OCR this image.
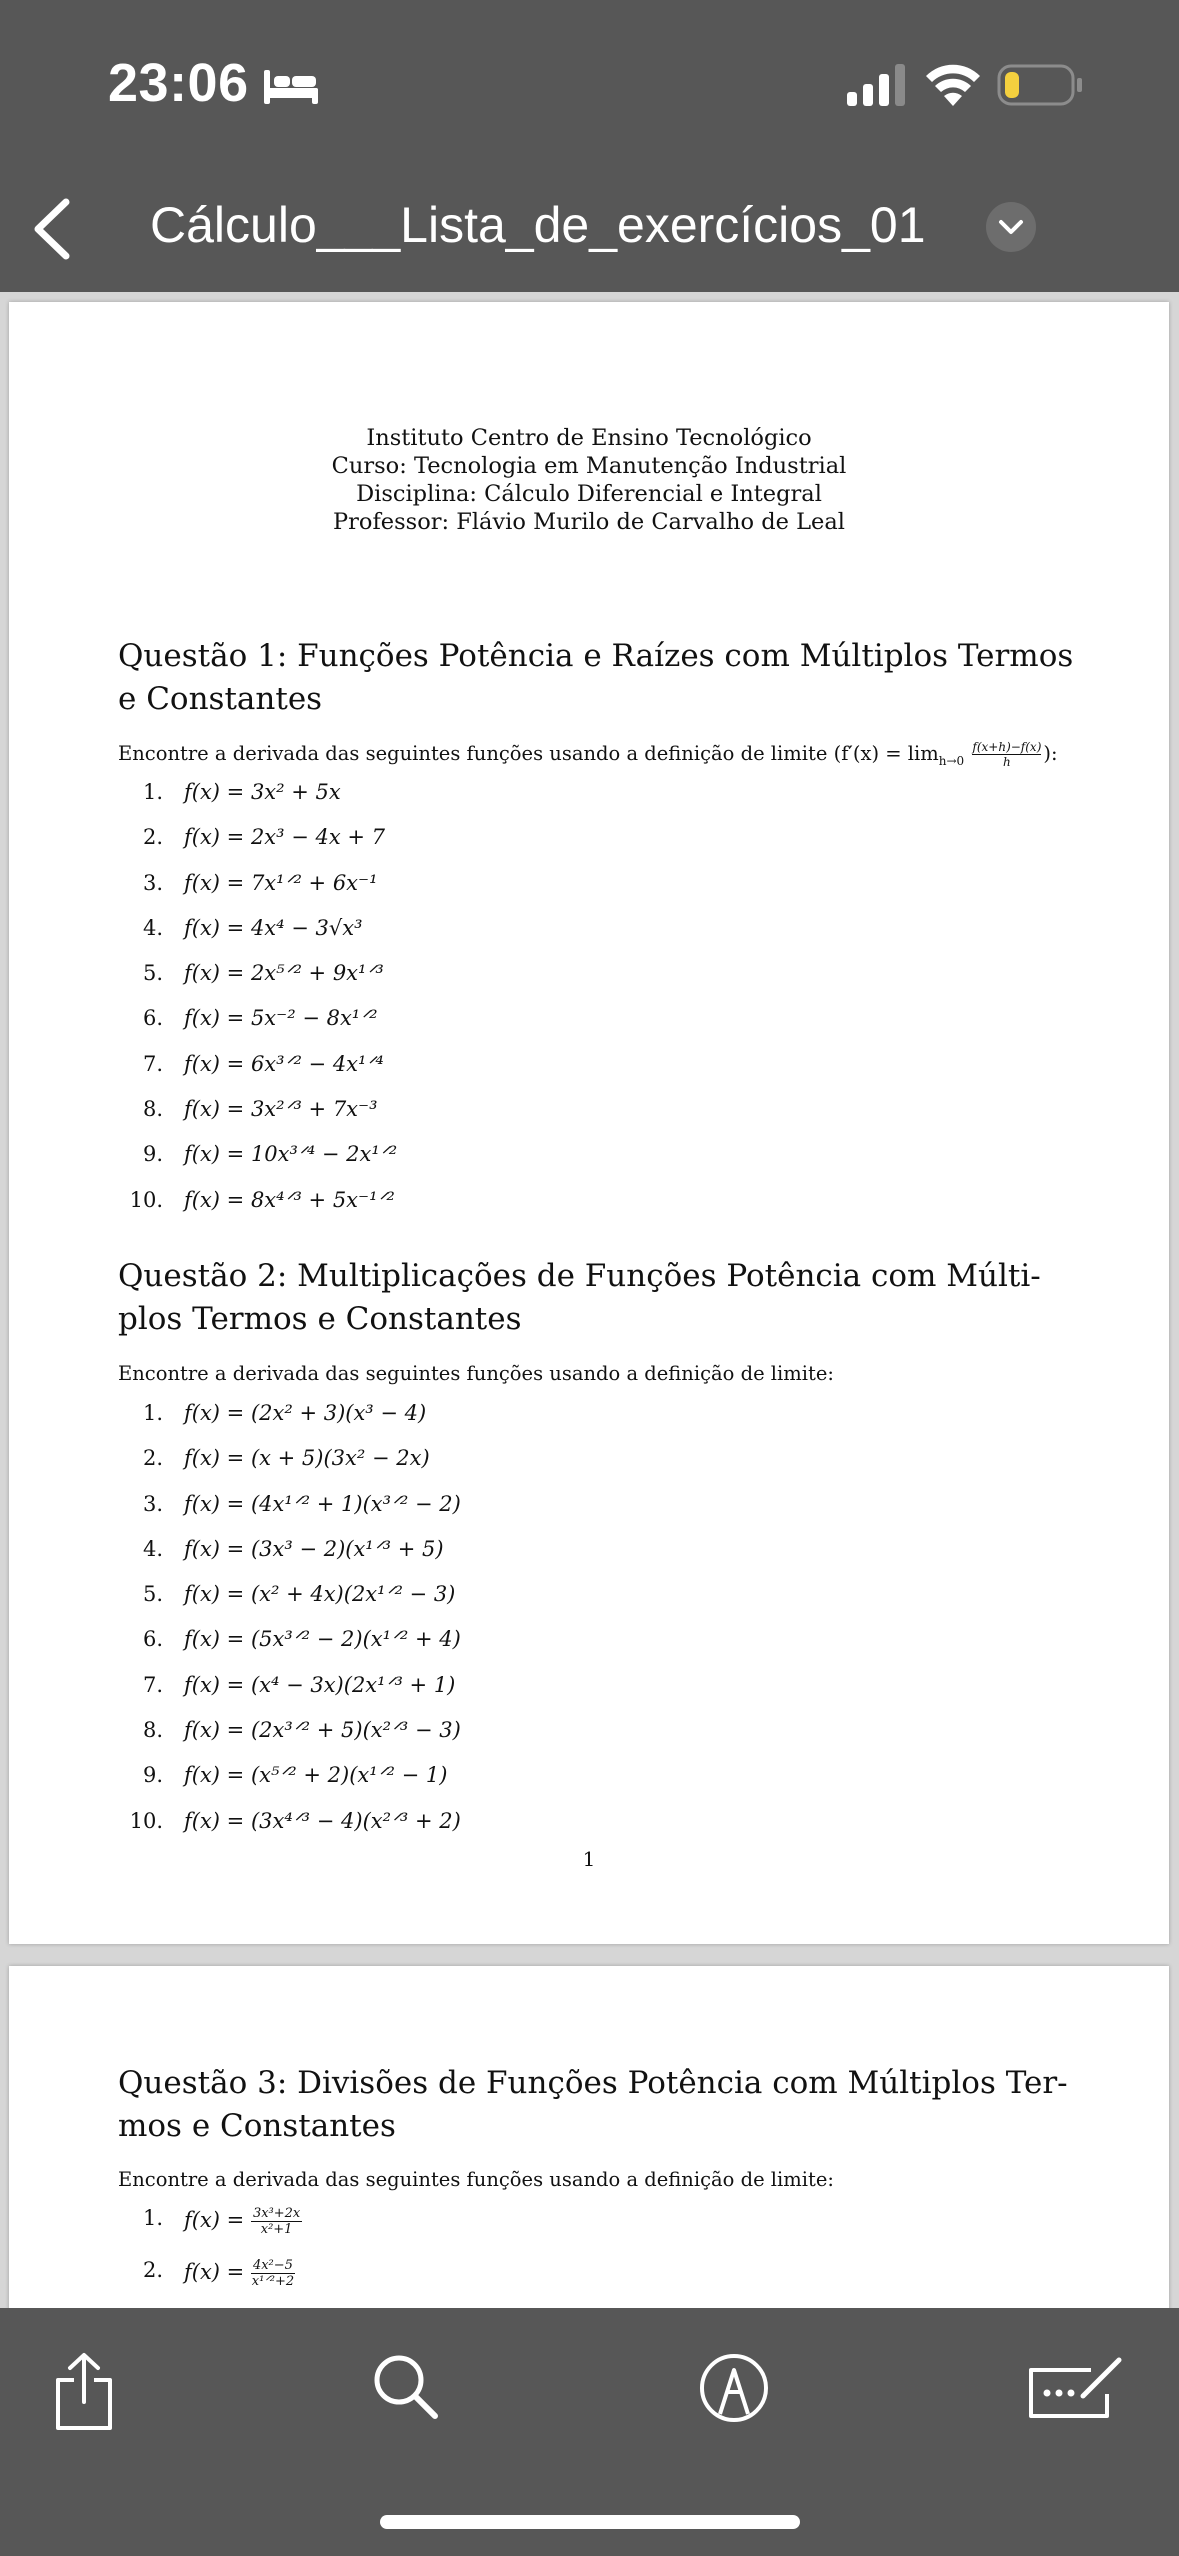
23:06
Cálculo___Lista_de_exercícios_01
Instituto Centro de Ensino Tecnológico
Curso: Tecnologia em Manutenção Industrial
Disciplina: Cálculo Diferencial e Integral
Professor: Flávio Murilo de Carvalho de Leal
Questão 1: Funções Potência e Raízes com Múltiplos Termos
e Constantes
Encontre a derivada das seguintes funções usando a definição de limite ($f'(x) = \lim_{h\to 0} \frac{f(x+h)-f(x)}{h}$ ):
1. f(x) = 3x² + 5x
2. f(x) = 2x³ − 4x + 7
3. f(x) = 7x¹ᐟ² + 6x⁻¹
4. f(x) = 4x⁴ − 3√x³
5. f(x) = 2x⁵ᐟ² + 9x¹ᐟ³
6. f(x) = 5x⁻² − 8x¹ᐟ²
7. f(x) = 6x³ᐟ² − 4x¹ᐟ⁴
8. f(x) = 3x²ᐟ³ + 7x⁻³
9. f(x) = 10x³ᐟ⁴ − 2x¹ᐟ²
10. f(x) = 8x⁴ᐟ³ + 5x⁻¹ᐟ²
Questão 2: Multiplicações de Funções Potência com Múlti-
plos Termos e Constantes
Encontre a derivada das seguintes funções usando a definição de limite:
1. f(x) = (2x² + 3)(x³ − 4)
2. f(x) = (x + 5)(3x² − 2x)
3. f(x) = (4x¹ᐟ² + 1)(x³ᐟ² − 2)
4. f(x) = (3x³ − 2)(x¹ᐟ³ + 5)
5. f(x) = (x² + 4x)(2x¹ᐟ² − 3)
6. f(x) = (5x³ᐟ² − 2)(x¹ᐟ² + 4)
7. f(x) = (x⁴ − 3x)(2x¹ᐟ³ + 1)
8. f(x) = (2x³ᐟ² + 5)(x²ᐟ³ − 3)
9. f(x) = (x⁵ᐟ² + 2)(x¹ᐟ² − 1)
10. f(x) = (3x⁴ᐟ³ − 4)(x²ᐟ³ + 2)
1
Questão 3: Divisões de Funções Potência com Múltiplos Ter-
mos e Constantes
Encontre a derivada das seguintes funções usando a definição de limite:
1. $f(x) = \frac{\text{3x³+2x}}{\text{x²+1}}$
2. f(x) = 4x²−5
x¹ᐟ²+2
